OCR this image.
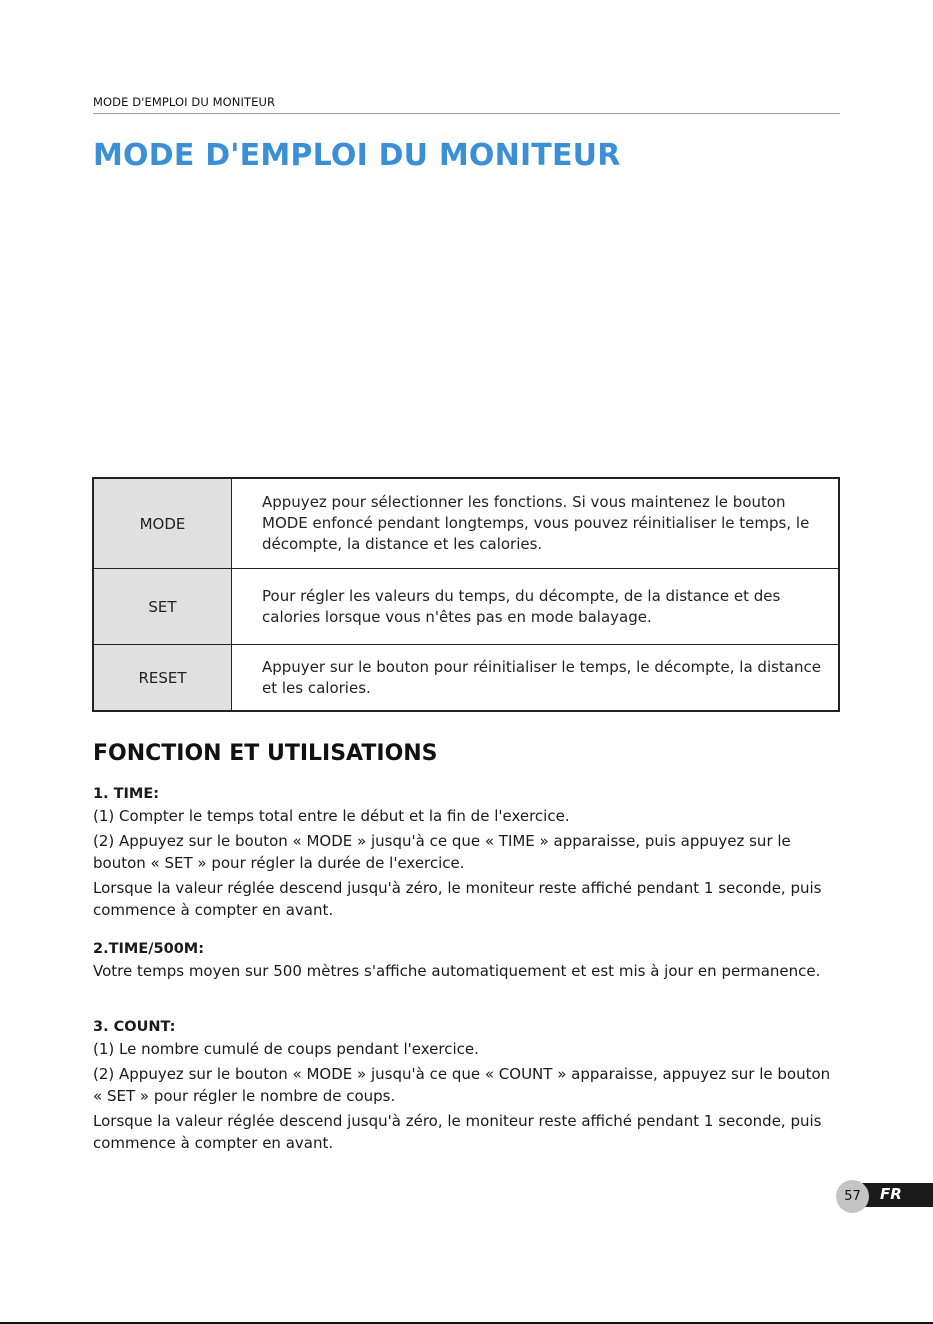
MODE D'EMPLOI DU MONITEUR
MODE D'EMPLOI DU MONITEUR
MODE	Appuyez pour sélectionner les fonctions. Si vous maintenez le bouton MODE enfoncé pendant longtemps, vous pouvez réinitialiser le temps, le décompte, la distance et les calories.
SET	Pour régler les valeurs du temps, du décompte, de la distance et des calories lorsque vous n'êtes pas en mode balayage.
RESET	Appuyer sur le bouton pour réinitialiser le temps, le décompte, la distance et les calories.
FONCTION ET UTILISATIONS
1. TIME:

(1) Compter le temps total entre le début et la fin de l'exercice.

(2) Appuyez sur le bouton « MODE » jusqu'à ce que « TIME » apparaisse, puis appuyez sur le bouton « SET » pour régler la durée de l'exercice.

Lorsque la valeur réglée descend jusqu'à zéro, le moniteur reste affiché pendant 1 seconde, puis commence à compter en avant.

2.TIME/500M:

Votre temps moyen sur 500 mètres s'affiche automatiquement et est mis à jour en permanence.

3. COUNT:

(1) Le nombre cumulé de coups pendant l'exercice.

(2) Appuyez sur le bouton « MODE » jusqu'à ce que « COUNT » apparaisse, appuyez sur le bouton « SET » pour régler le nombre de coups.

Lorsque la valeur réglée descend jusqu'à zéro, le moniteur reste affiché pendant 1 seconde, puis commence à compter en avant.

57	FR
